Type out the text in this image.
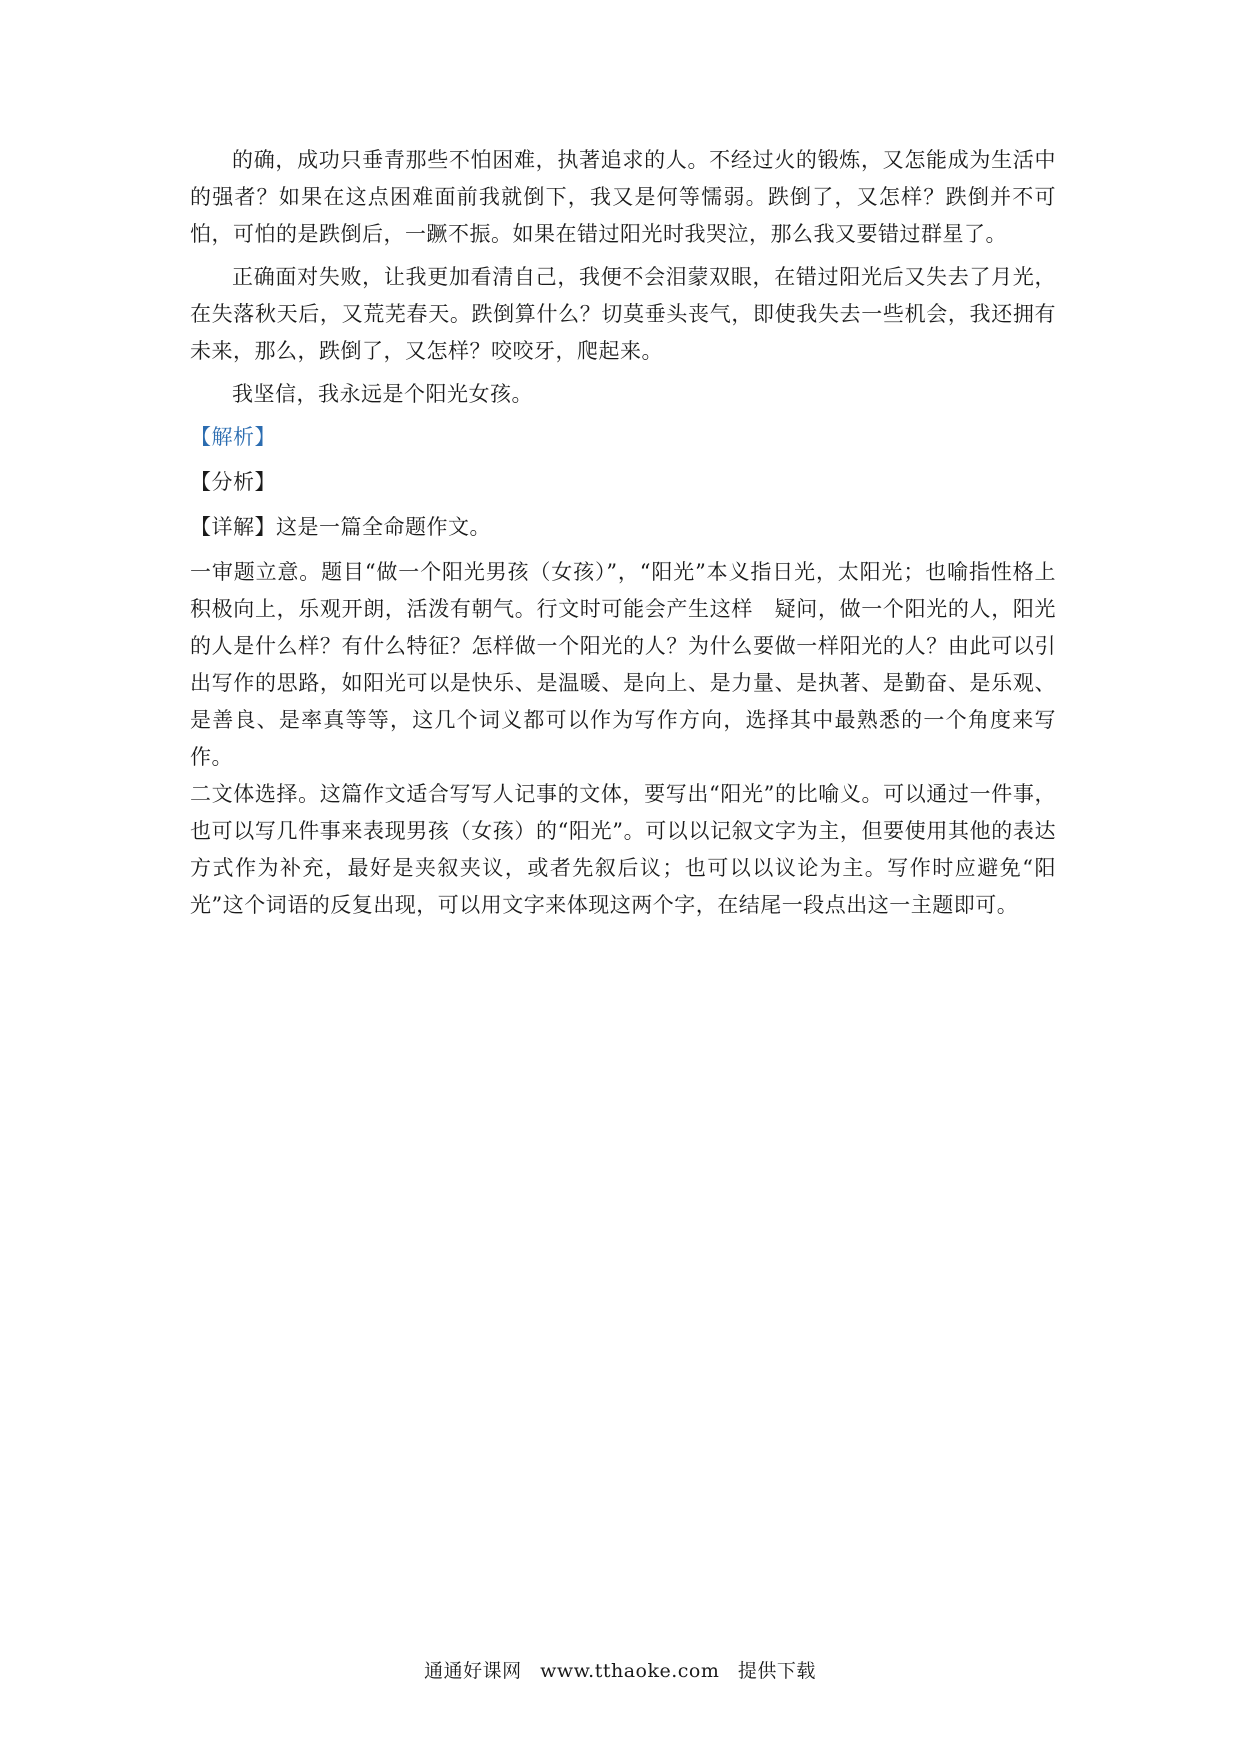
的确，成功只垂青那些不怕困难，执著追求的人。不经过火的锻炼，又怎能成为生活中的强者？如果在这点困难面前我就倒下，我又是何等懦弱。跌倒了，又怎样？跌倒并不可怕，可怕的是跌倒后，一蹶不振。如果在错过阳光时我哭泣，那么我又要错过群星了。

正确面对失败，让我更加看清自己，我便不会泪蒙双眼，在错过阳光后又失去了月光，在失落秋天后，又荒芜春天。跌倒算什么？切莫垂头丧气，即使我失去一些机会，我还拥有未来，那么，跌倒了，又怎样？咬咬牙，爬起来。

我坚信，我永远是个阳光女孩。

【解析】

【分析】

【详解】这是一篇全命题作文。

一审题立意。题目“做一个阳光男孩（女孩）”，“阳光”本义指日光，太阳光；也喻指性格上积极向上，乐观开朗，活泼有朝气。行文时可能会产生这样　疑问，做一个阳光的人，阳光的人是什么样？有什么特征？怎样做一个阳光的人？为什么要做一样阳光的人？由此可以引出写作的思路，如阳光可以是快乐、是温暖、是向上、是力量、是执著、是勤奋、是乐观、是善良、是率真等等，这几个词义都可以作为写作方向，选择其中最熟悉的一个角度来写作。

二文体选择。这篇作文适合写写人记事的文体，要写出“阳光”的比喻义。可以通过一件事，也可以写几件事来表现男孩（女孩）的“阳光”。可以以记叙文字为主，但要使用其他的表达方式作为补充，最好是夹叙夹议，或者先叙后议；也可以以议论为主。写作时应避免“阳光”这个词语的反复出现，可以用文字来体现这两个字，在结尾一段点出这一主题即可。

通通好课网 www.tthaoke.com 提供下载
